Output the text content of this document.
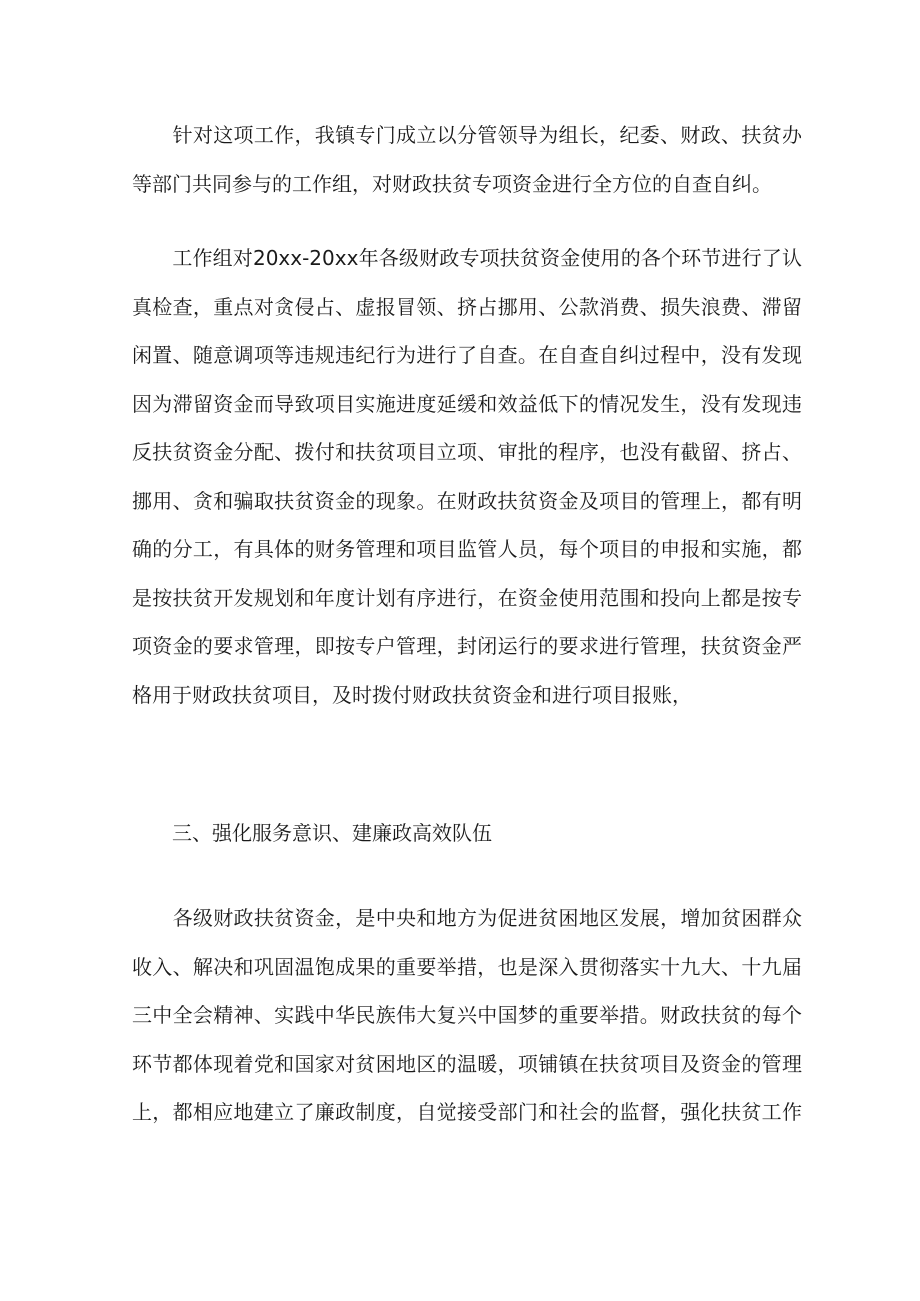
　　针对这项工作，我镇专门成立以分管领导为组长，纪委、财政、扶贫办
等部门共同参与的工作组，对财政扶贫专项资金进行全方位的自查自纠。
　　工作组对20xx-20xx年各级财政专项扶贫资金使用的各个环节进行了认
真检查，重点对贪侵占、虚报冒领、挤占挪用、公款消费、损失浪费、滞留
闲置、随意调项等违规违纪行为进行了自查。在自查自纠过程中，没有发现
因为滞留资金而导致项目实施进度延缓和效益低下的情况发生，没有发现违
反扶贫资金分配、拨付和扶贫项目立项、审批的程序，也没有截留、挤占、
挪用、贪和骗取扶贫资金的现象。在财政扶贫资金及项目的管理上，都有明
确的分工，有具体的财务管理和项目监管人员，每个项目的申报和实施，都
是按扶贫开发规划和年度计划有序进行，在资金使用范围和投向上都是按专
项资金的要求管理，即按专户管理，封闭运行的要求进行管理，扶贫资金严
格用于财政扶贫项目，及时拨付财政扶贫资金和进行项目报账，
　　三、强化服务意识、建廉政高效队伍
　　各级财政扶贫资金，是中央和地方为促进贫困地区发展，增加贫困群众
收入、解决和巩固温饱成果的重要举措，也是深入贯彻落实十九大、十九届
三中全会精神、实践中华民族伟大复兴中国梦的重要举措。财政扶贫的每个
环节都体现着党和国家对贫困地区的温暖，项铺镇在扶贫项目及资金的管理
上，都相应地建立了廉政制度，自觉接受部门和社会的监督，强化扶贫工作
